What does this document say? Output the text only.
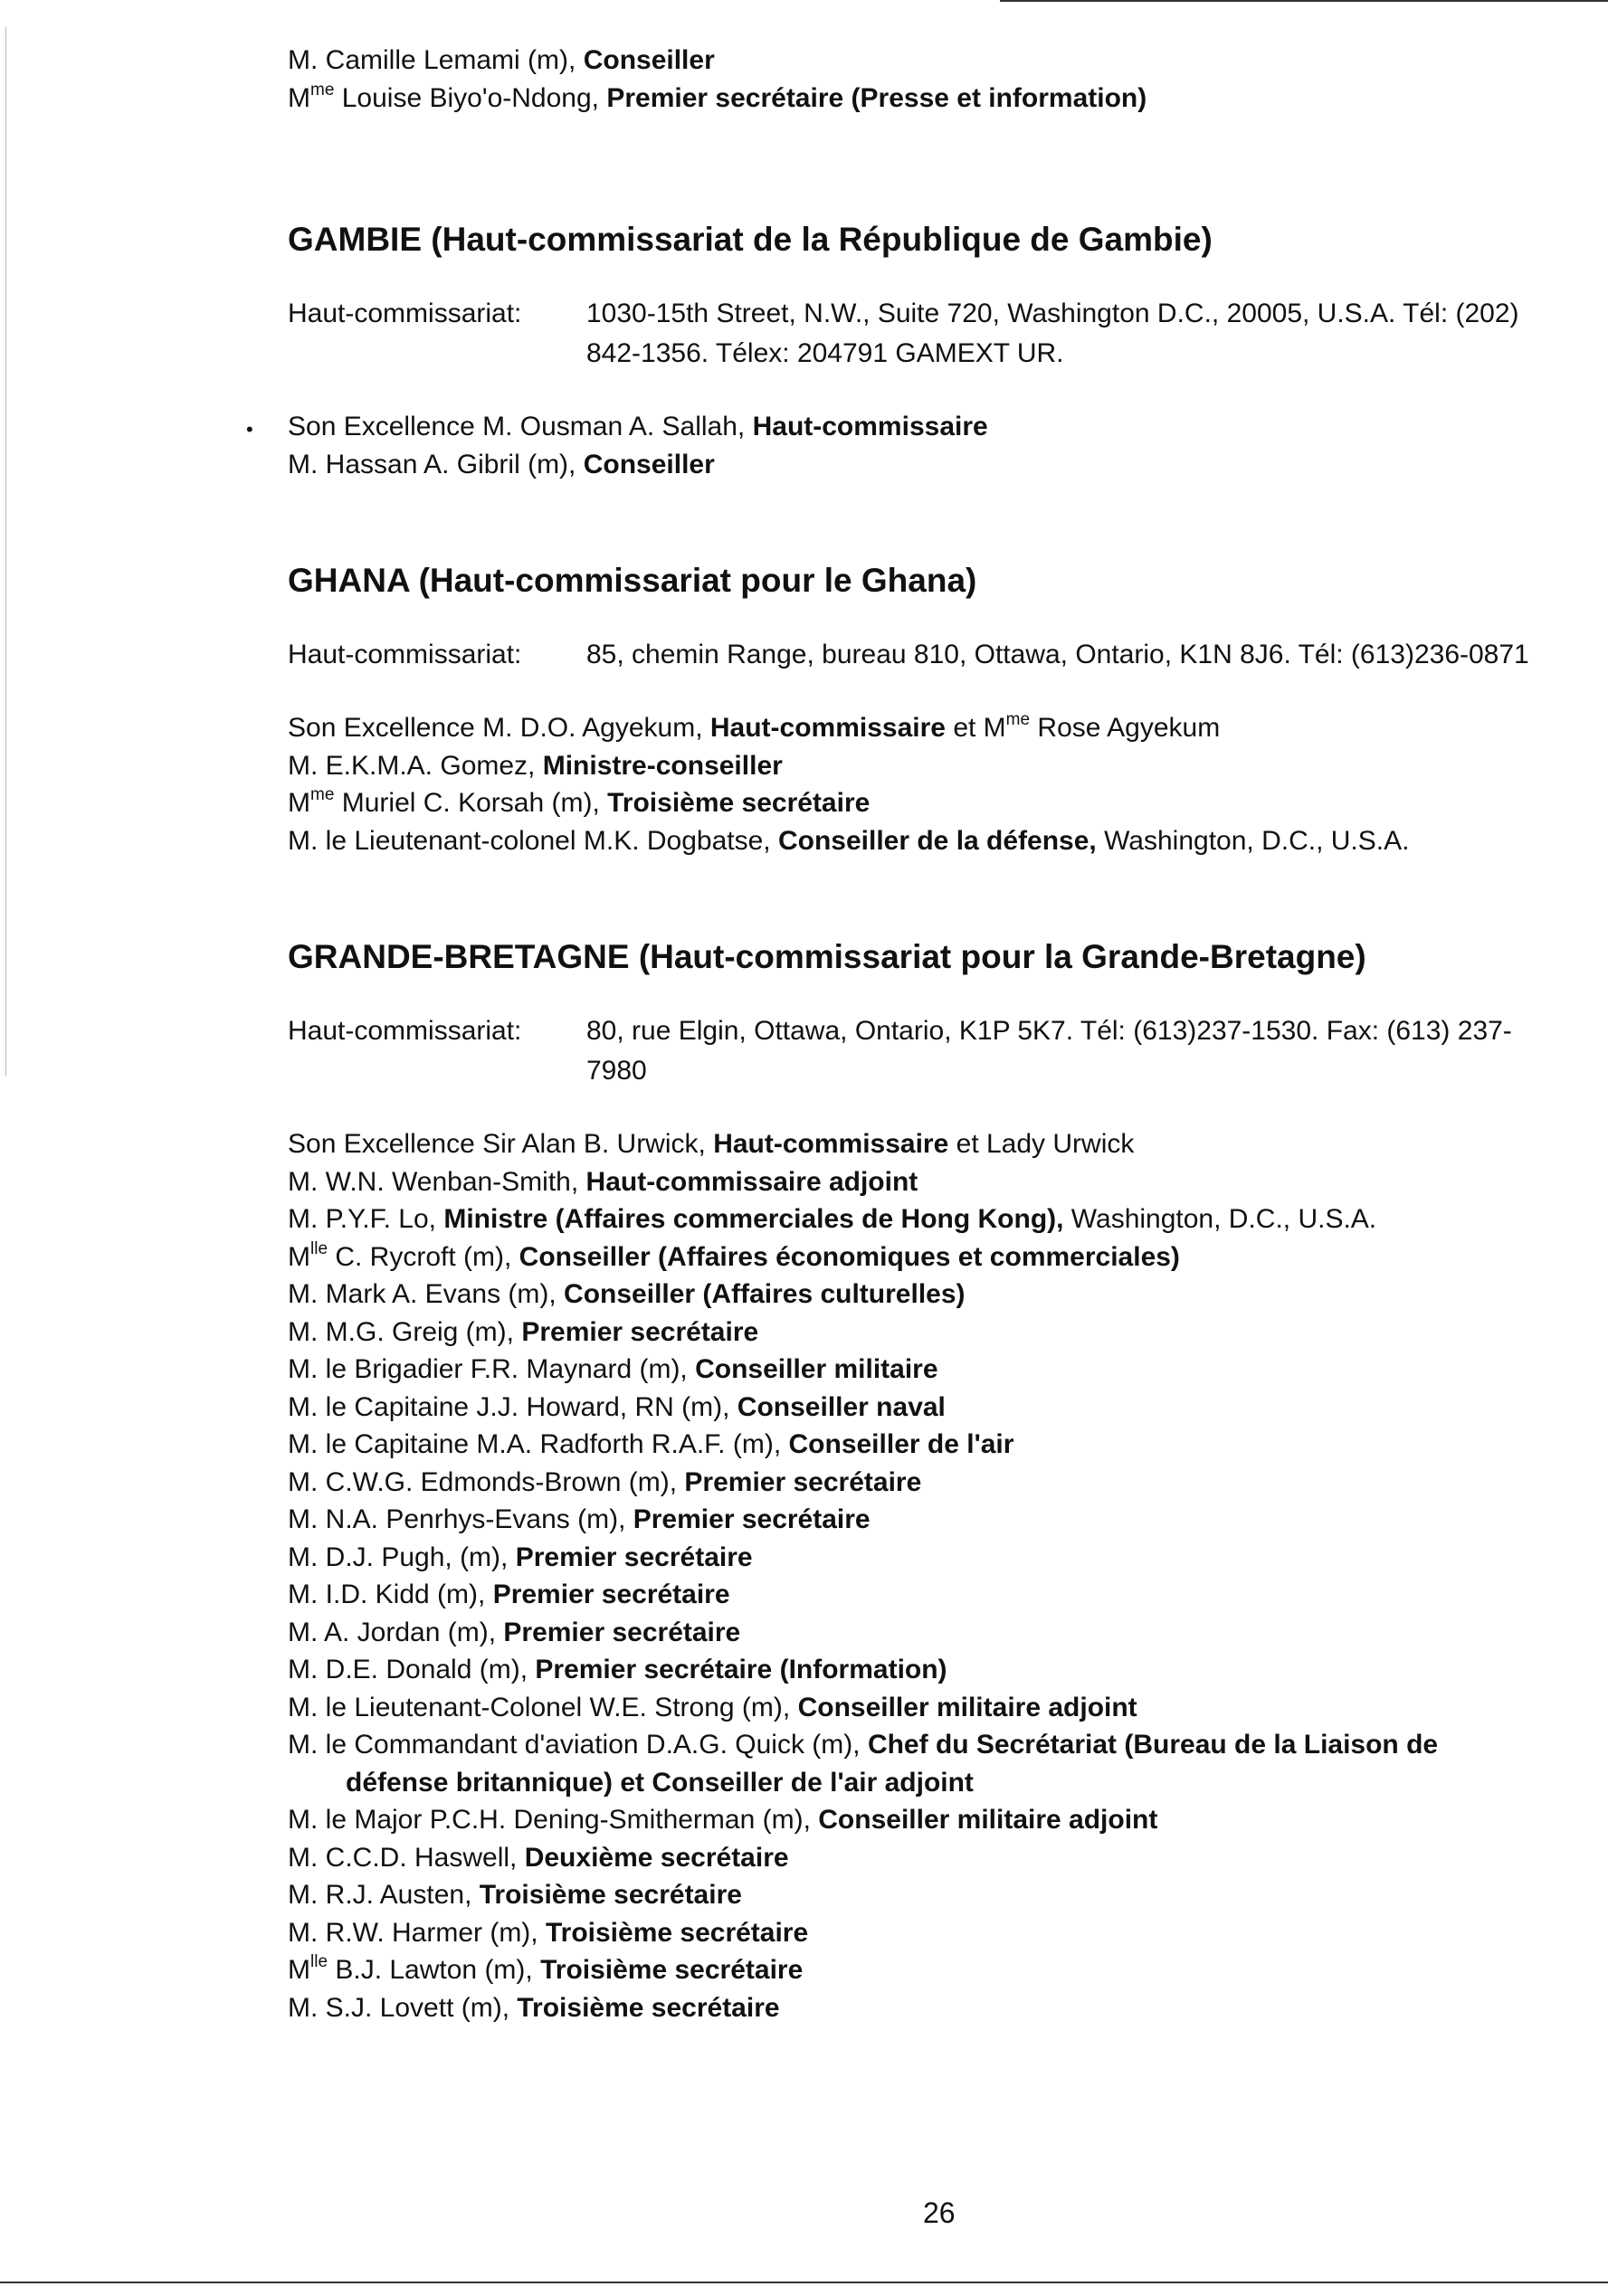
•
M. Camille Lemami (m), Conseiller
$M^{me}$ Louise Biyo'o-Ndong, Premier secrétaire (Presse et information)
GAMBIE (Haut-commissariat de la République de Gambie)
Haut-commissariat:	1030-15th Street, N.W., Suite 720, Washington D.C., 20005, U.S.A. Tél: (202) 842-1356. Télex: 204791 GAMEXT UR.
Son Excellence M. Ousman A. Sallah, Haut-commissaire
M. Hassan A. Gibril (m), Conseiller
GHANA (Haut-commissariat pour le Ghana)
Haut-commissariat:	85, chemin Range, bureau 810, Ottawa, Ontario, K1N 8J6. Tél: (613)236-0871
Son Excellence M. D.O. Agyekum, Haut-commissaire et $M^{me}$ Rose Agyekum
M. E.K.M.A. Gomez, Ministre-conseiller
$M^{me}$ Muriel C. Korsah (m), Troisième secrétaire
M. le Lieutenant-colonel M.K. Dogbatse, Conseiller de la défense, Washington, D.C., U.S.A.
GRANDE-BRETAGNE (Haut-commissariat pour la Grande-Bretagne)
Haut-commissariat:	80, rue Elgin, Ottawa, Ontario, K1P 5K7. Tél: (613)237-1530. Fax: (613) 237-7980
Son Excellence Sir Alan B. Urwick, Haut-commissaire et Lady Urwick
M. W.N. Wenban-Smith, Haut-commissaire adjoint
M. P.Y.F. Lo, Ministre (Affaires commerciales de Hong Kong), Washington, D.C., U.S.A.
$M^{lle}$ C. Rycroft (m), Conseiller (Affaires économiques et commerciales)
M. Mark A. Evans (m), Conseiller (Affaires culturelles)
M. M.G. Greig (m), Premier secrétaire
M. le Brigadier F.R. Maynard (m), Conseiller militaire
M. le Capitaine J.J. Howard, RN (m), Conseiller naval
M. le Capitaine M.A. Radforth R.A.F. (m), Conseiller de l'air
M. C.W.G. Edmonds-Brown (m), Premier secrétaire
M. N.A. Penrhys-Evans (m), Premier secrétaire
M. D.J. Pugh, (m), Premier secrétaire
M. I.D. Kidd (m), Premier secrétaire
M. A. Jordan (m), Premier secrétaire
M. D.E. Donald (m), Premier secrétaire (Information)
M. le Lieutenant-Colonel W.E. Strong (m), Conseiller militaire adjoint
M. le Commandant d'aviation D.A.G. Quick (m), Chef du Secrétariat (Bureau de la Liaison de
défense britannique) et Conseiller de l'air adjoint
M. le Major P.C.H. Dening-Smitherman (m), Conseiller militaire adjoint
M. C.C.D. Haswell, Deuxième secrétaire
M. R.J. Austen, Troisième secrétaire
M. R.W. Harmer (m), Troisième secrétaire
$M^{lle}$ B.J. Lawton (m), Troisième secrétaire
M. S.J. Lovett (m), Troisième secrétaire
26
